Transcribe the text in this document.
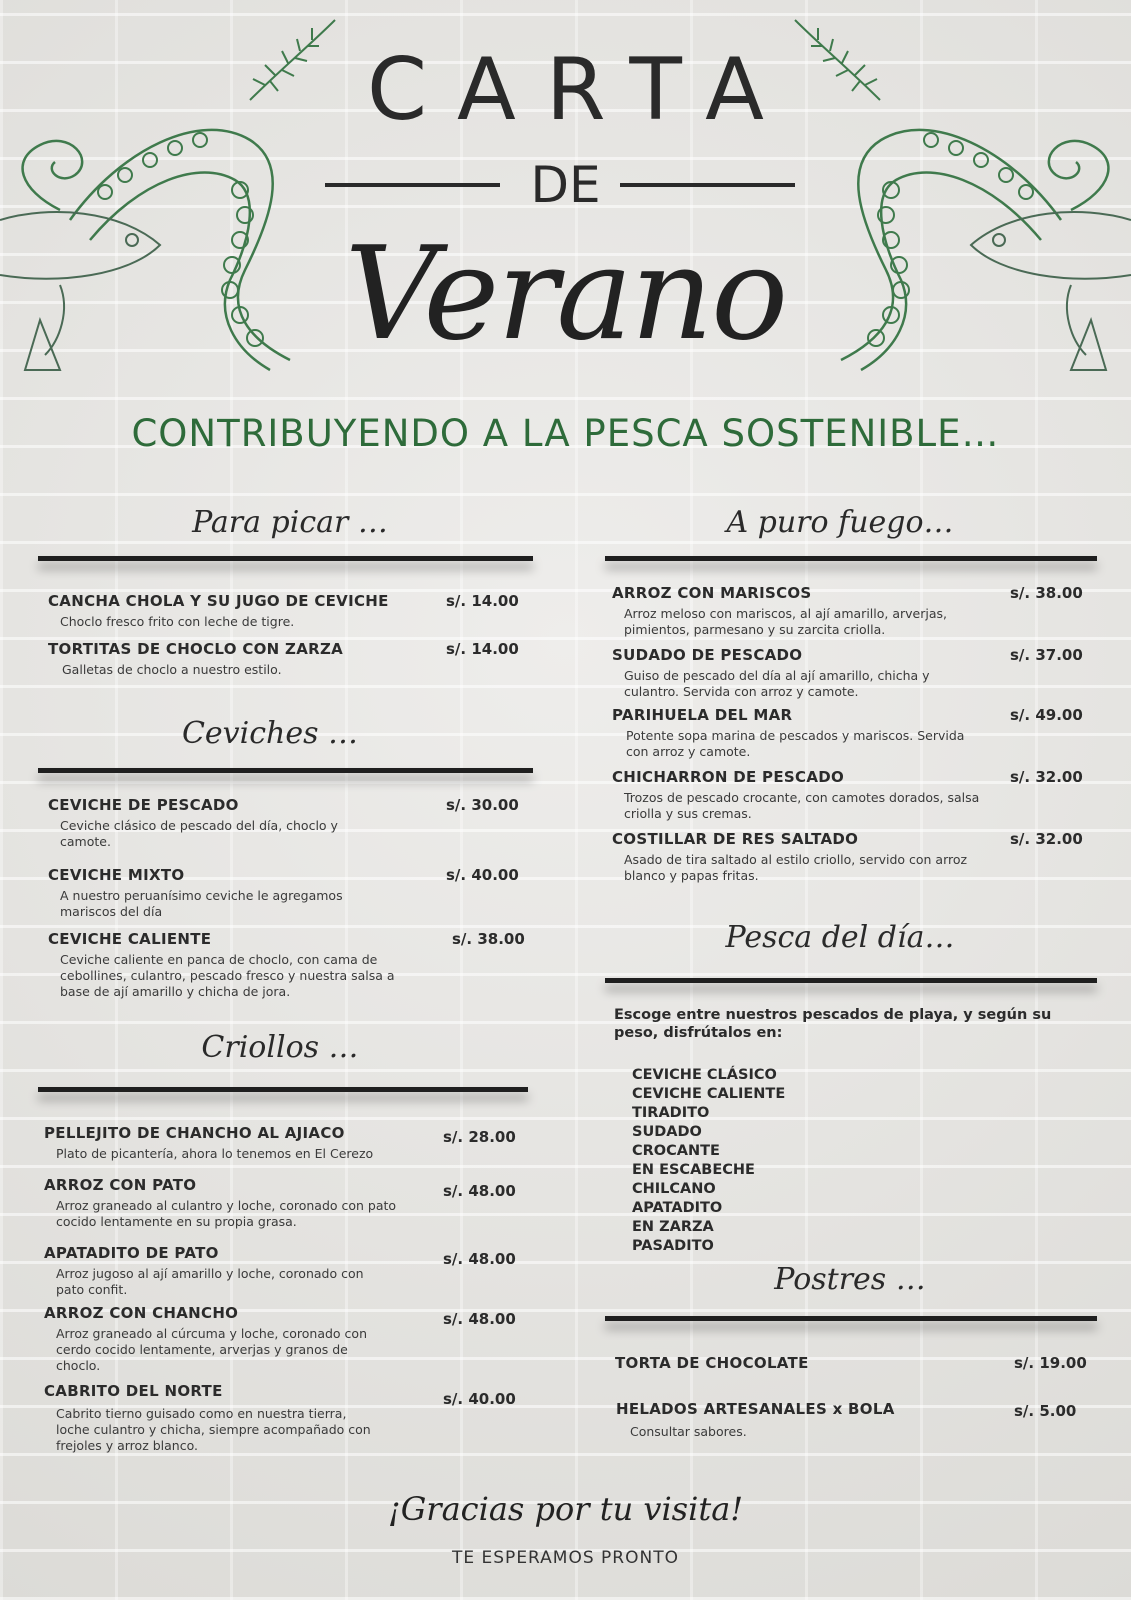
CARTA
DE
Verano
CONTRIBUYENDO A LA PESCA SOSTENIBLE…
Para picar …
CANCHA CHOLA Y SU JUGO DE CEVICHE	s/. 14.00
Choclo fresco frito con leche de tigre.
TORTITAS DE CHOCLO CON ZARZA	s/. 14.00
Galletas de choclo a nuestro estilo.
Ceviches …
CEVICHE DE PESCADO	s/. 30.00
Ceviche clásico de pescado del día, choclo y camote.
CEVICHE MIXTO	s/. 40.00
A nuestro peruanísimo ceviche le agregamos mariscos del día
CEVICHE CALIENTE	s/. 38.00
Ceviche caliente en panca de choclo, con cama de cebollines, culantro, pescado fresco y nuestra salsa a base de ají amarillo y chicha de jora.
Criollos …
PELLEJITO DE CHANCHO AL AJIACO	s/. 28.00
Plato de picantería, ahora lo tenemos en El Cerezo
ARROZ CON PATO	s/. 48.00
Arroz graneado al culantro y loche, coronado con pato cocido lentamente en su propia grasa.
APATADITO DE PATO	s/. 48.00
Arroz jugoso al ají amarillo y loche, coronado con pato confit.
ARROZ CON CHANCHO	s/. 48.00
Arroz graneado al cúrcuma y loche, coronado con cerdo cocido lentamente, arverjas y granos de choclo.
CABRITO DEL NORTE	s/. 40.00
Cabrito tierno guisado como en nuestra tierra, loche culantro y chicha, siempre acompañado con frejoles y arroz blanco.
A puro fuego…
ARROZ CON MARISCOS	s/. 38.00
Arroz meloso con mariscos, al ají amarillo, arverjas, pimientos, parmesano y su zarcita criolla.
SUDADO DE PESCADO	s/. 37.00
Guiso de pescado del día al ají amarillo, chicha y culantro. Servida con arroz y camote.
PARIHUELA DEL MAR	s/. 49.00
Potente sopa marina de pescados y mariscos. Servida con arroz y camote.
CHICHARRON DE PESCADO	s/. 32.00
Trozos de pescado crocante, con camotes dorados, salsa criolla y sus cremas.
COSTILLAR DE RES SALTADO	s/. 32.00
Asado de tira saltado al estilo criollo, servido con arroz blanco y papas fritas.
Pesca del día…
Escoge entre nuestros pescados de playa, y según su peso, disfrútalos en:
CEVICHE CLÁSICO
CEVICHE CALIENTE
TIRADITO
SUDADO
CROCANTE
EN ESCABECHE
CHILCANO
APATADITO
EN ZARZA
PASADITO
Postres …
TORTA DE CHOCOLATE	s/. 19.00
HELADOS ARTESANALES x BOLA	s/. 5.00
Consultar sabores.
¡Gracias por tu visita!
TE ESPERAMOS PRONTO
